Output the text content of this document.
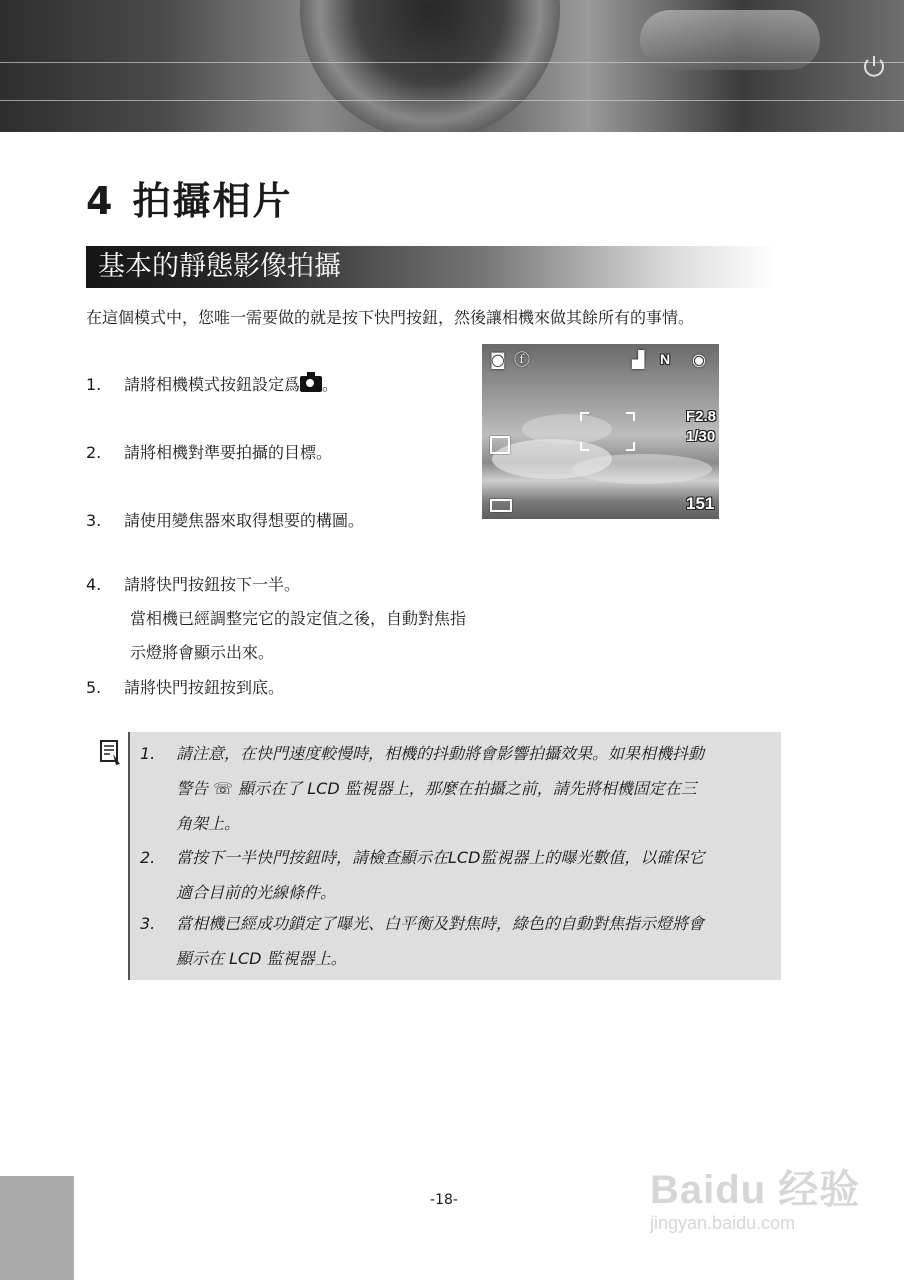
4 拍攝相片
基本的靜態影像拍攝
在這個模式中，您唯一需要做的就是按下快門按鈕，然後讓相機來做其餘所有的事情。
1. 請將相機模式按鈕設定爲 。
2. 請將相機對準要拍攝的目標。
3. 請使用變焦器來取得想要的構圖。
4. 請將快門按鈕按下一半。
當相機已經調整完它的設定值之後，自動對焦指
示燈將會顯示出來。
5. 請將快門按鈕按到底。
◙ ⓕ	▟ N ◉
F2.8
1/30
151
1. 請注意，在快門速度較慢時，相機的抖動將會影響拍攝效果。如果相機抖動
警告 ☏ 顯示在了 LCD 監視器上，那麼在拍攝之前，請先將相機固定在三
角架上。
2. 當按下一半快門按鈕時，請檢查顯示在LCD監視器上的曝光數值，以確保它
適合目前的光線條件。
3. 當相機已經成功鎖定了曝光、白平衡及對焦時，綠色的自動對焦指示燈將會
顯示在 LCD 監視器上。
-18-	Baidu 经验
jingyan.baidu.com
